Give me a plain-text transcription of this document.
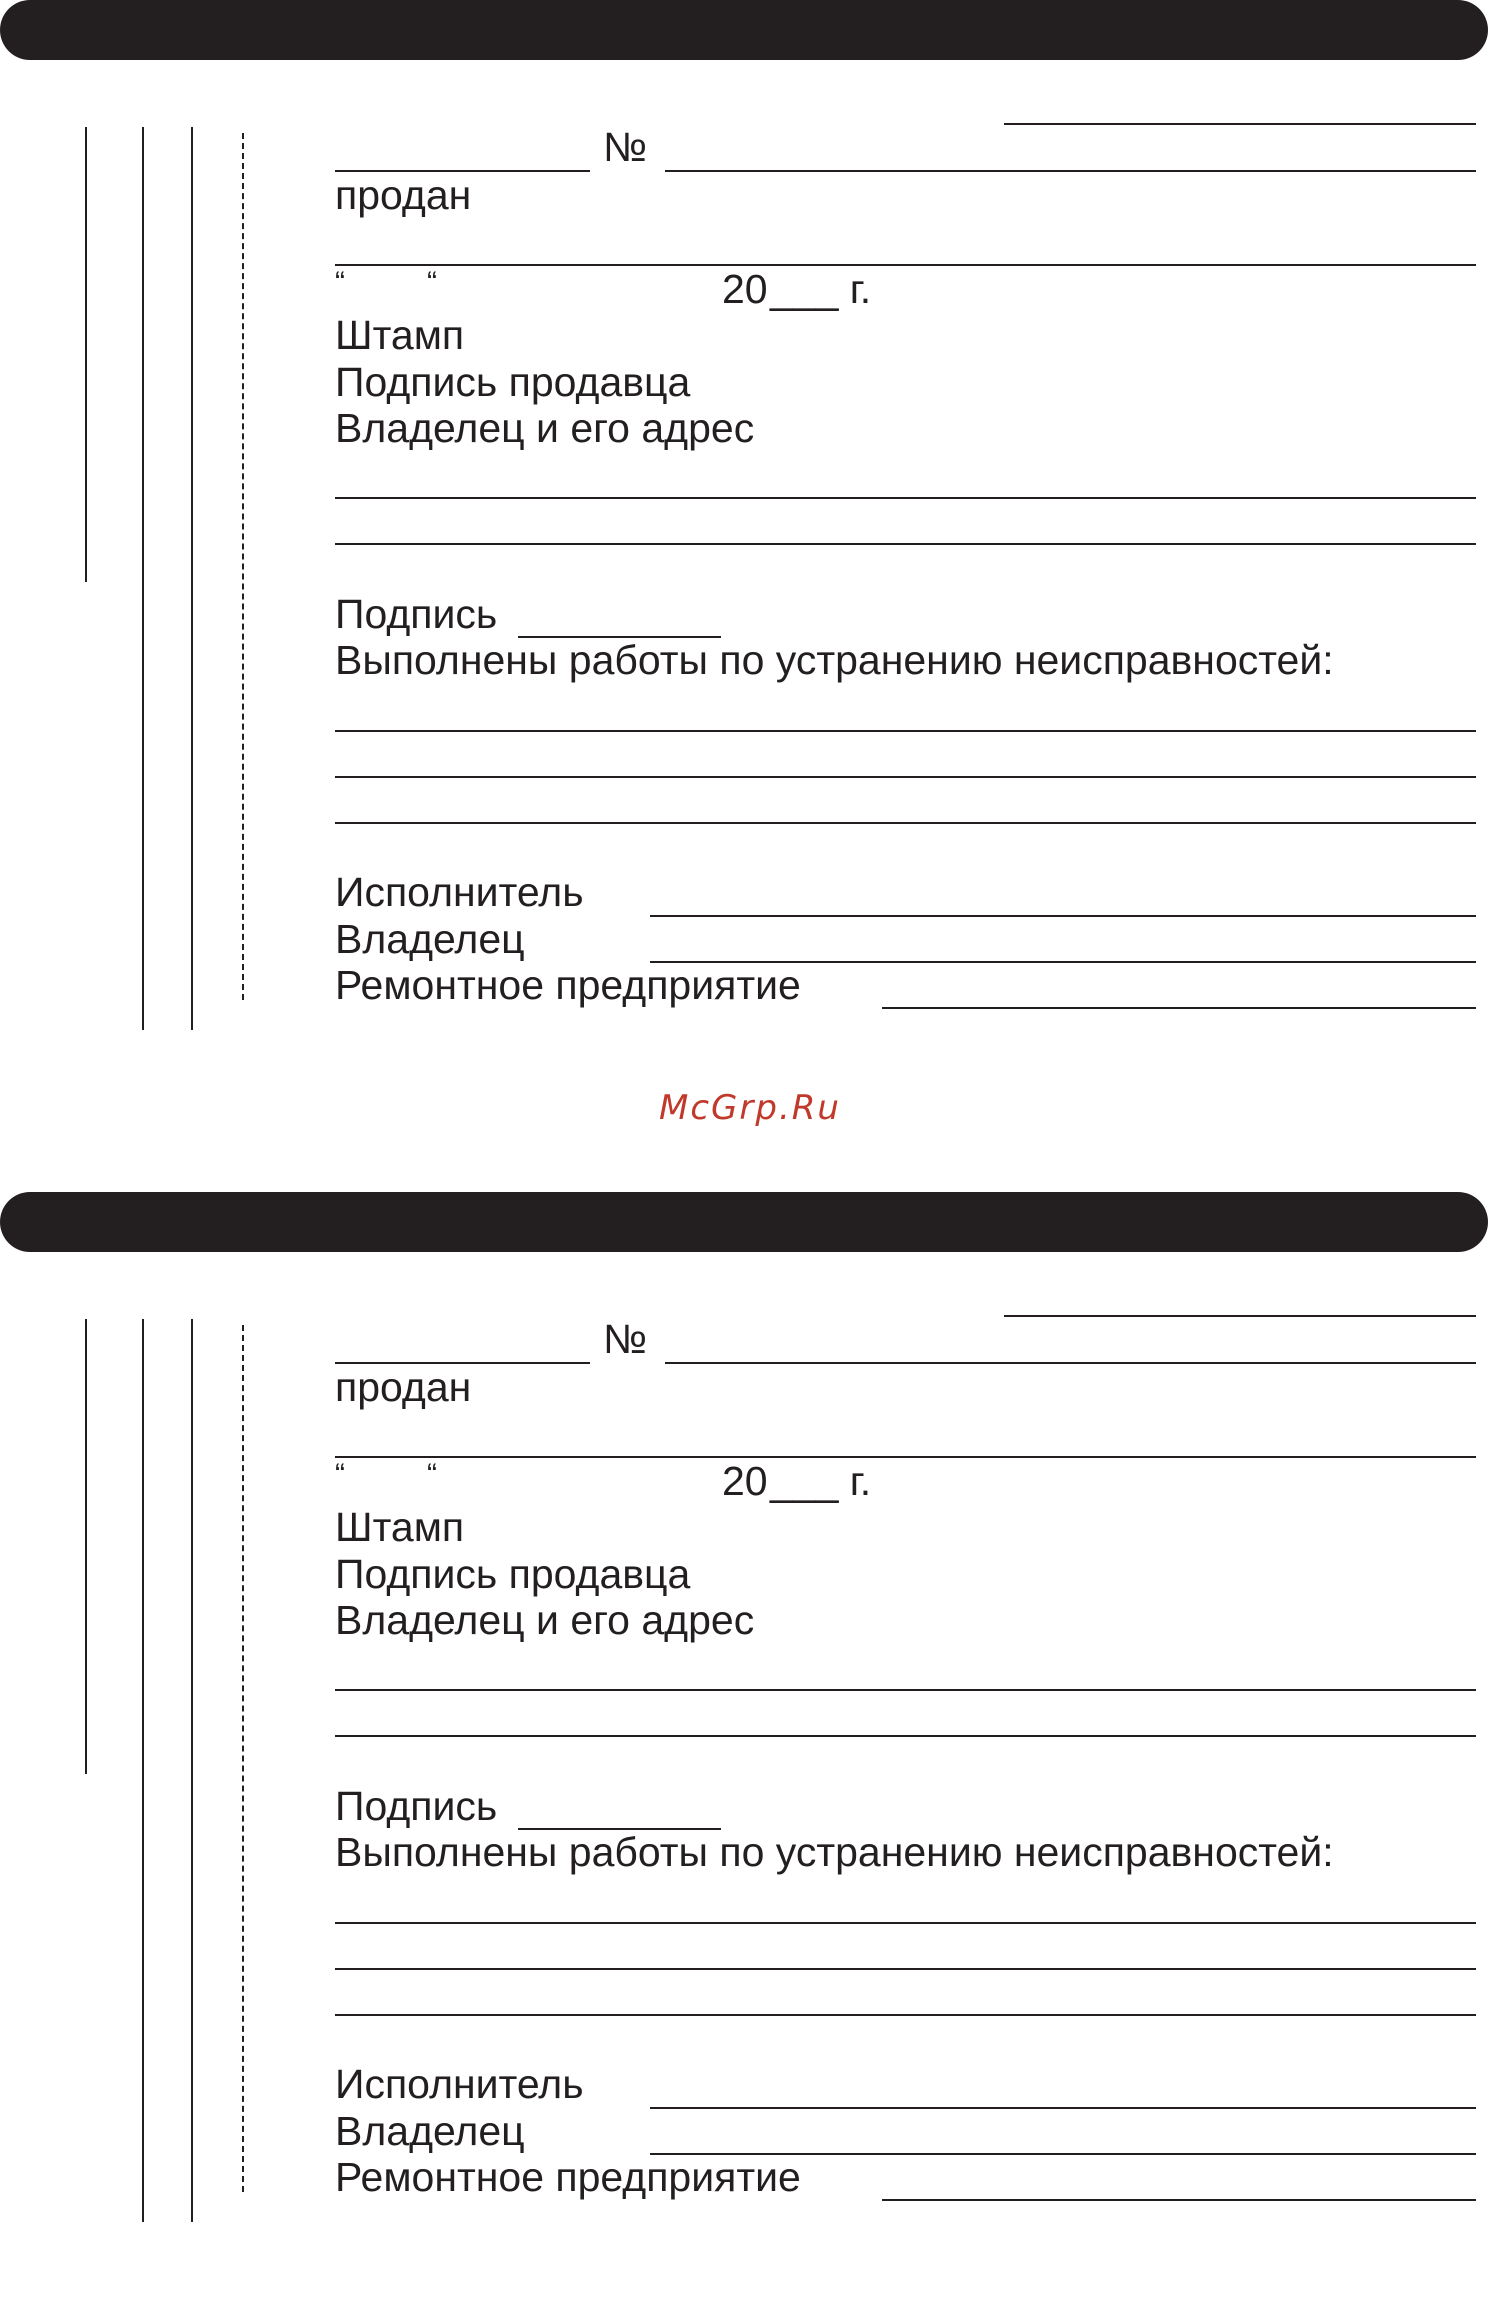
№
продан
“	“	20 ___ г.
Штамп
Подпись продавца
Владелец и его адрес
Подпись
Выполнены работы по устранению неисправностей:
Исполнитель
Владелец
Ремонтное предприятие
McGrp.Ru
№
продан
“	“	20 ___ г.
Штамп
Подпись продавца
Владелец и его адрес
Подпись
Выполнены работы по устранению неисправностей:
Исполнитель
Владелец
Ремонтное предприятие
